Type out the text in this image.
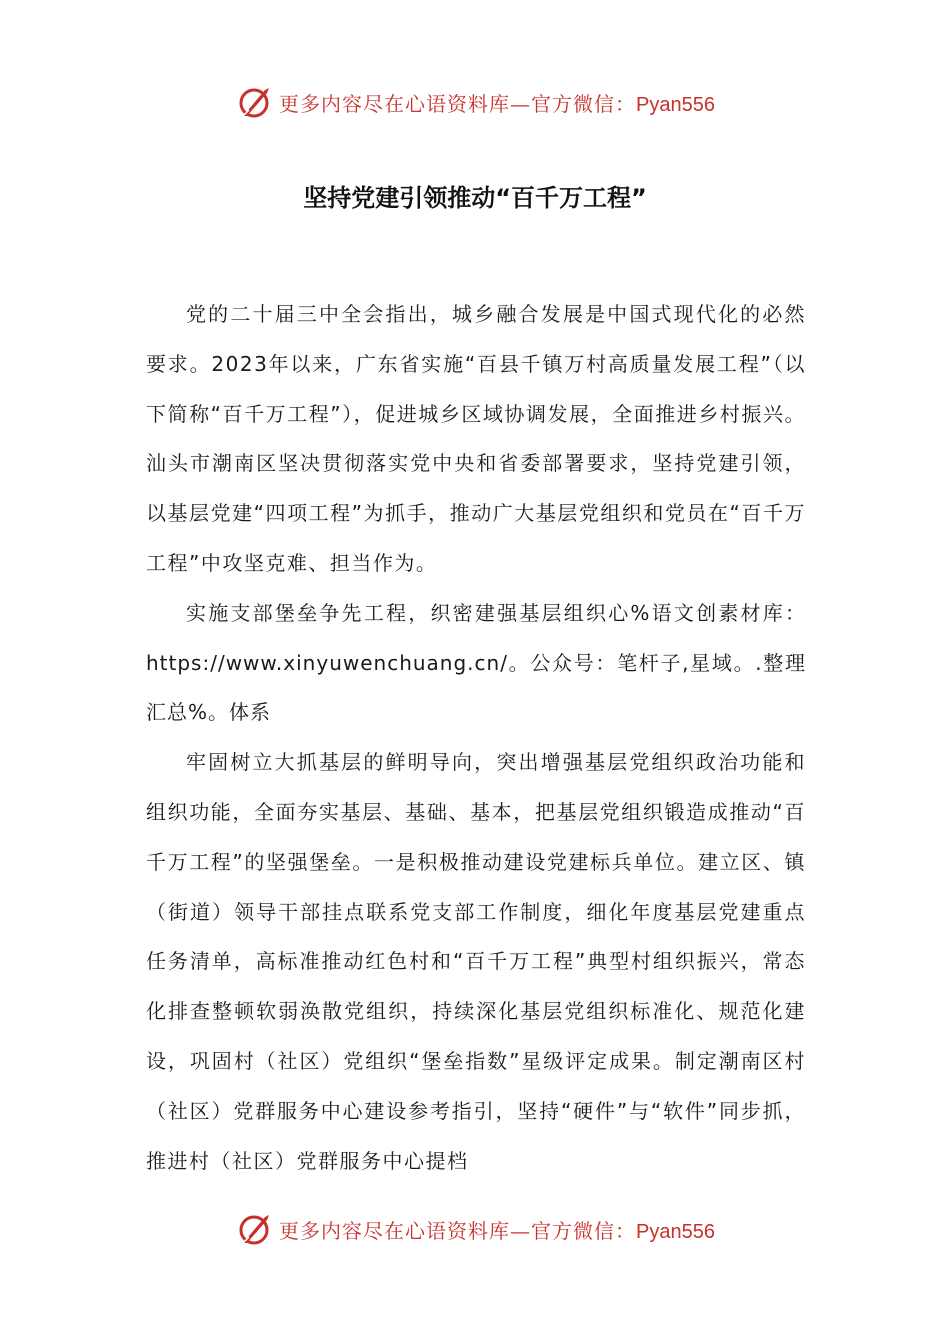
更多内容尽在心语资料库—官方微信：Pyan556
坚持党建引领推动“百千万工程”

党的二十届三中全会指出，城乡融合发展是中国式现代化的必然要求。2023年以来，广东省实施“百县千镇万村高质量发展工程”（以下简称“百千万工程”），促进城乡区域协调发展，全面推进乡村振兴。汕头市潮南区坚决贯彻落实党中央和省委部署要求，坚持党建引领，以基层党建“四项工程”为抓手，推动广大基层党组织和党员在“百千万工程”中攻坚克难、担当作为。

实施支部堡垒争先工程，织密建强基层组织心%语文创素材库：https://www.xinyuwenchuang.cn/。公众号：笔杆子,星域。.整理汇总%。体系

牢固树立大抓基层的鲜明导向，突出增强基层党组织政治功能和组织功能，全面夯实基层、基础、基本，把基层党组织锻造成推动“百千万工程”的坚强堡垒。一是积极推动建设党建标兵单位。建立区、镇（街道）领导干部挂点联系党支部工作制度，细化年度基层党建重点任务清单，高标准推动红色村和“百千万工程”典型村组织振兴，常态化排查整顿软弱涣散党组织，持续深化基层党组织标准化、规范化建设，巩固村（社区）党组织“堡垒指数”星级评定成果。制定潮南区村（社区）党群服务中心建设参考指引，坚持“硬件”与“软件”同步抓，推进村（社区）党群服务中心提档

更多内容尽在心语资料库—官方微信：Pyan556
